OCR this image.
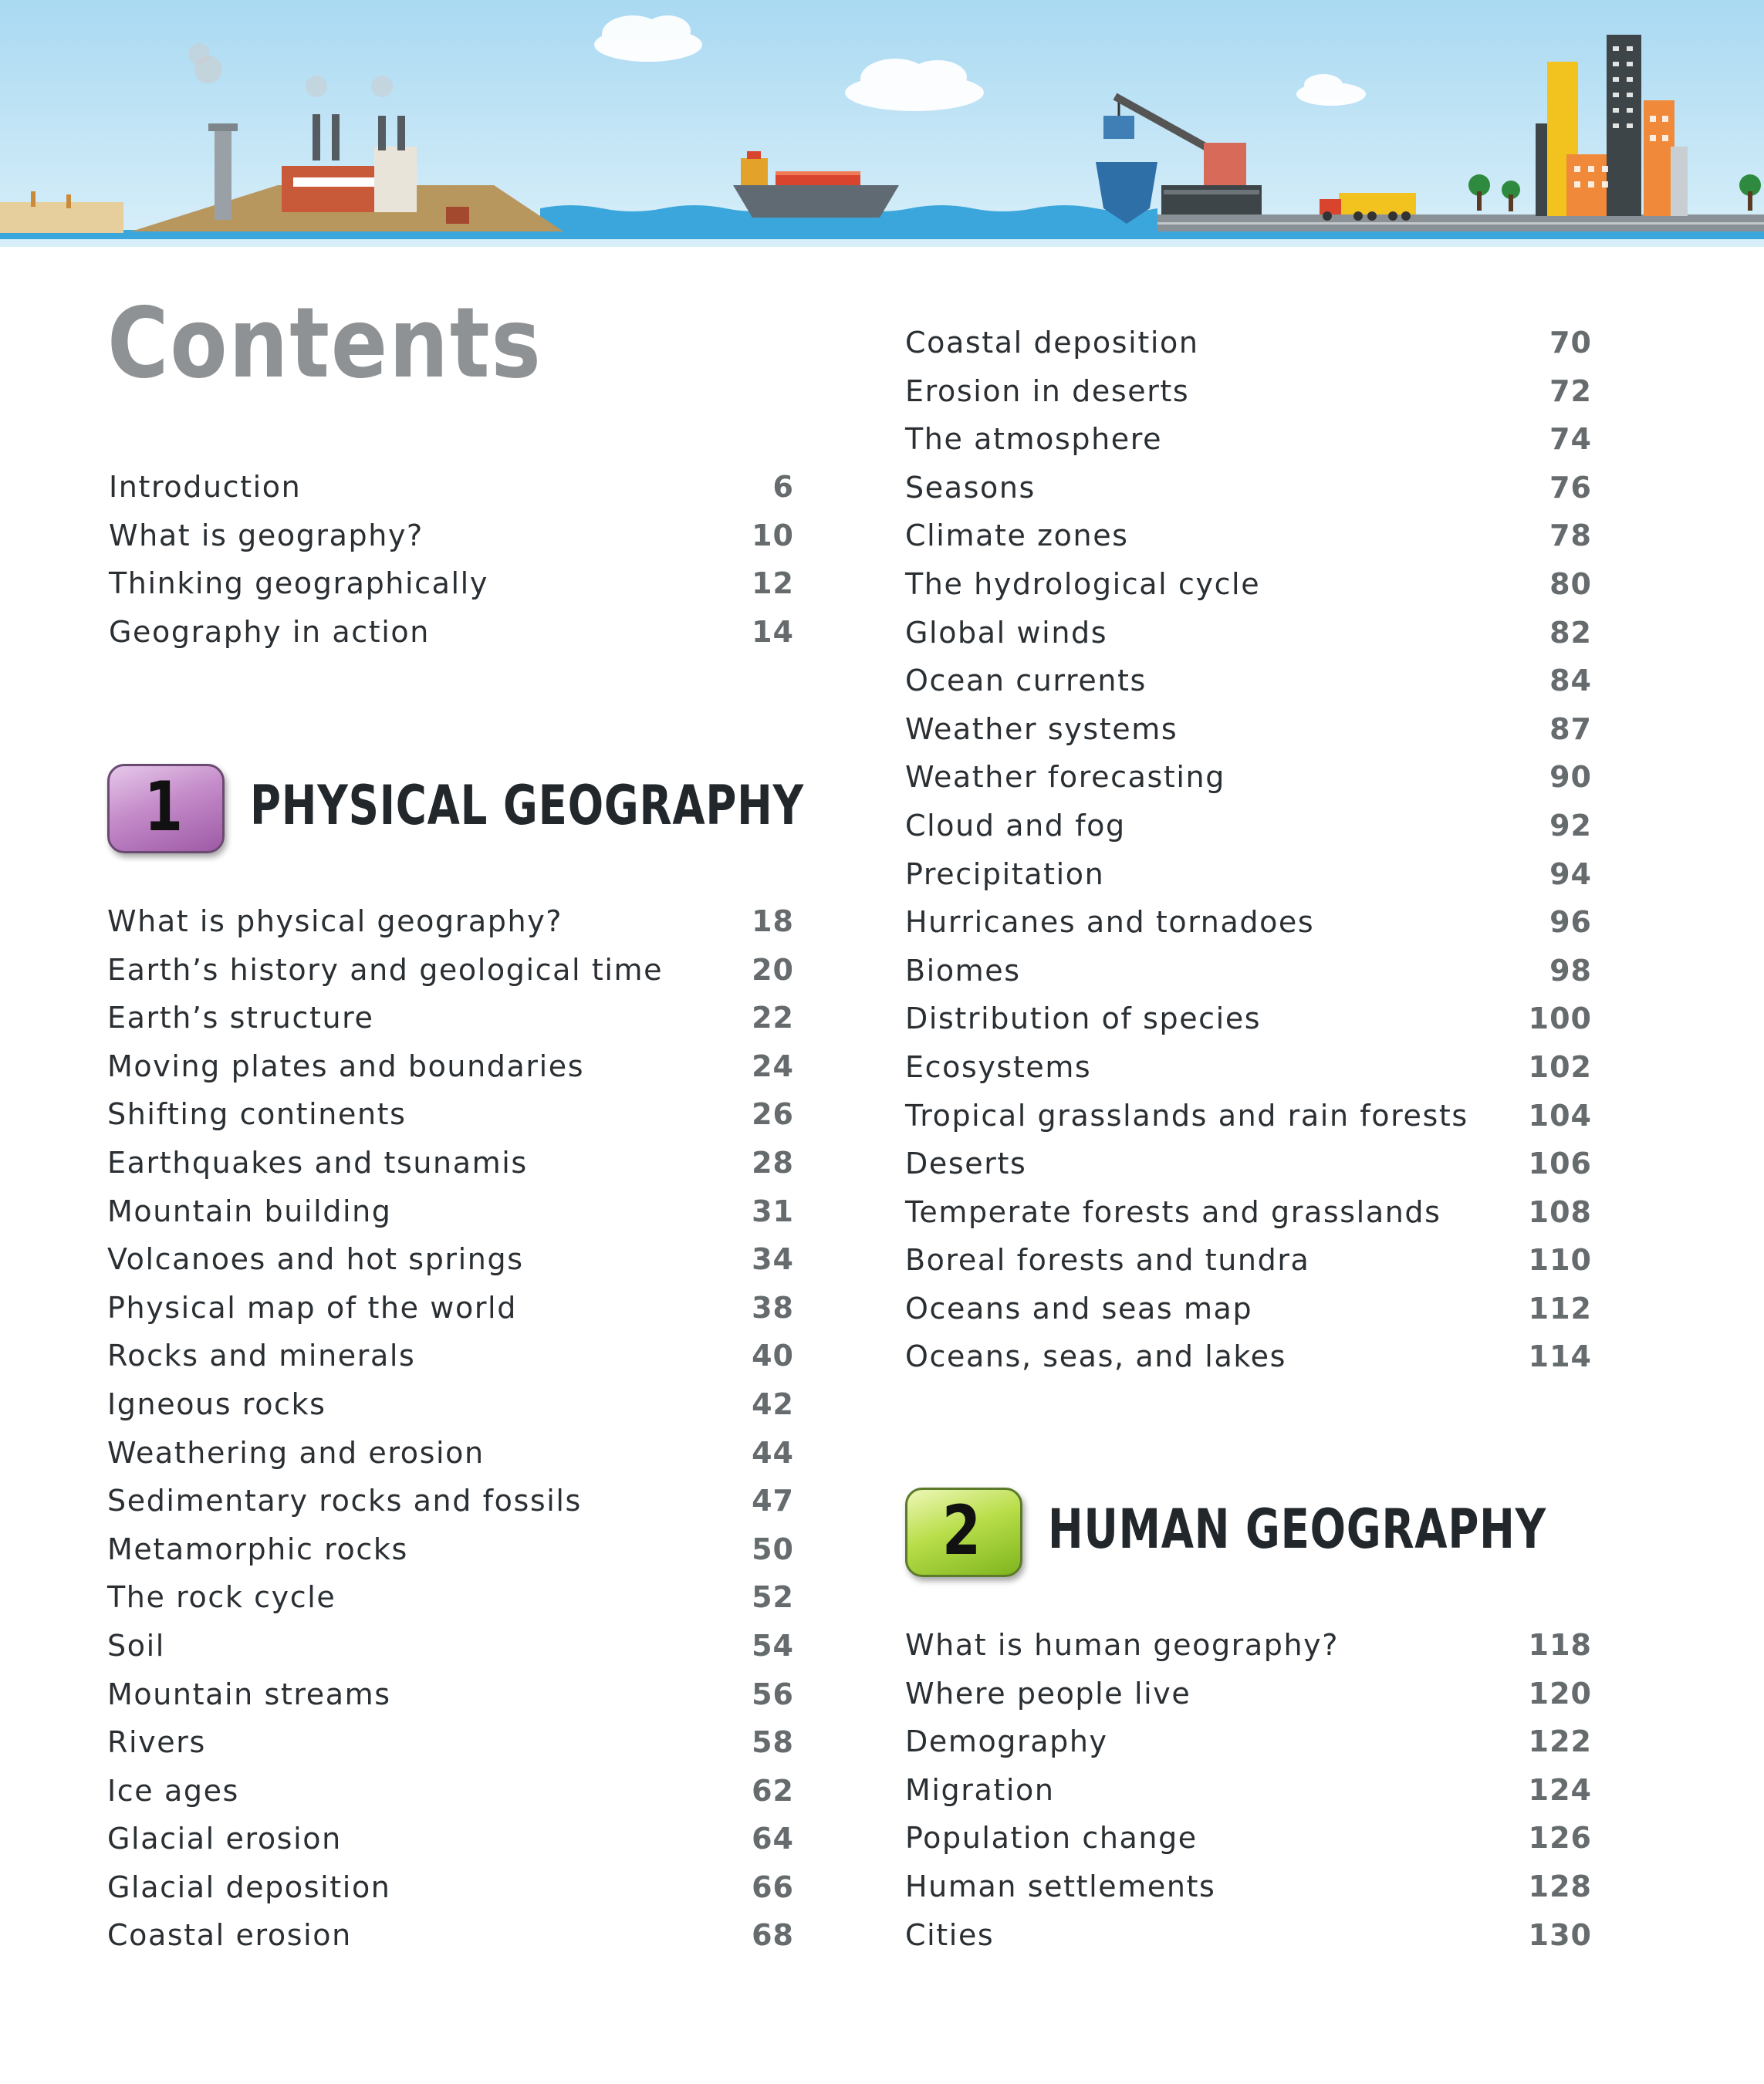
Contents
Introduction	6
What is geography?	10
Thinking geographically	12
Geography in action	14
1	PHYSICAL GEOGRAPHY
What is physical geography?	18
Earth’s history and geological time	20
Earth’s structure	22
Moving plates and boundaries	24
Shifting continents	26
Earthquakes and tsunamis	28
Mountain building	31
Volcanoes and hot springs	34
Physical map of the world	38
Rocks and minerals	40
Igneous rocks	42
Weathering and erosion	44
Sedimentary rocks and fossils	47
Metamorphic rocks	50
The rock cycle	52
Soil	54
Mountain streams	56
Rivers	58
Ice ages	62
Glacial erosion	64
Glacial deposition	66
Coastal erosion	68
Coastal deposition	70
Erosion in deserts	72
The atmosphere	74
Seasons	76
Climate zones	78
The hydrological cycle	80
Global winds	82
Ocean currents	84
Weather systems	87
Weather forecasting	90
Cloud and fog	92
Precipitation	94
Hurricanes and tornadoes	96
Biomes	98
Distribution of species	100
Ecosystems	102
Tropical grasslands and rain forests 104
Deserts	106
Temperate forests and grasslands	108
Boreal forests and tundra	110
Oceans and seas map	112
Oceans, seas, and lakes	114
2	HUMAN GEOGRAPHY
What is human geography?	118
Where people live	120
Demography	122
Migration	124
Population change	126
Human settlements	128
Cities	130
